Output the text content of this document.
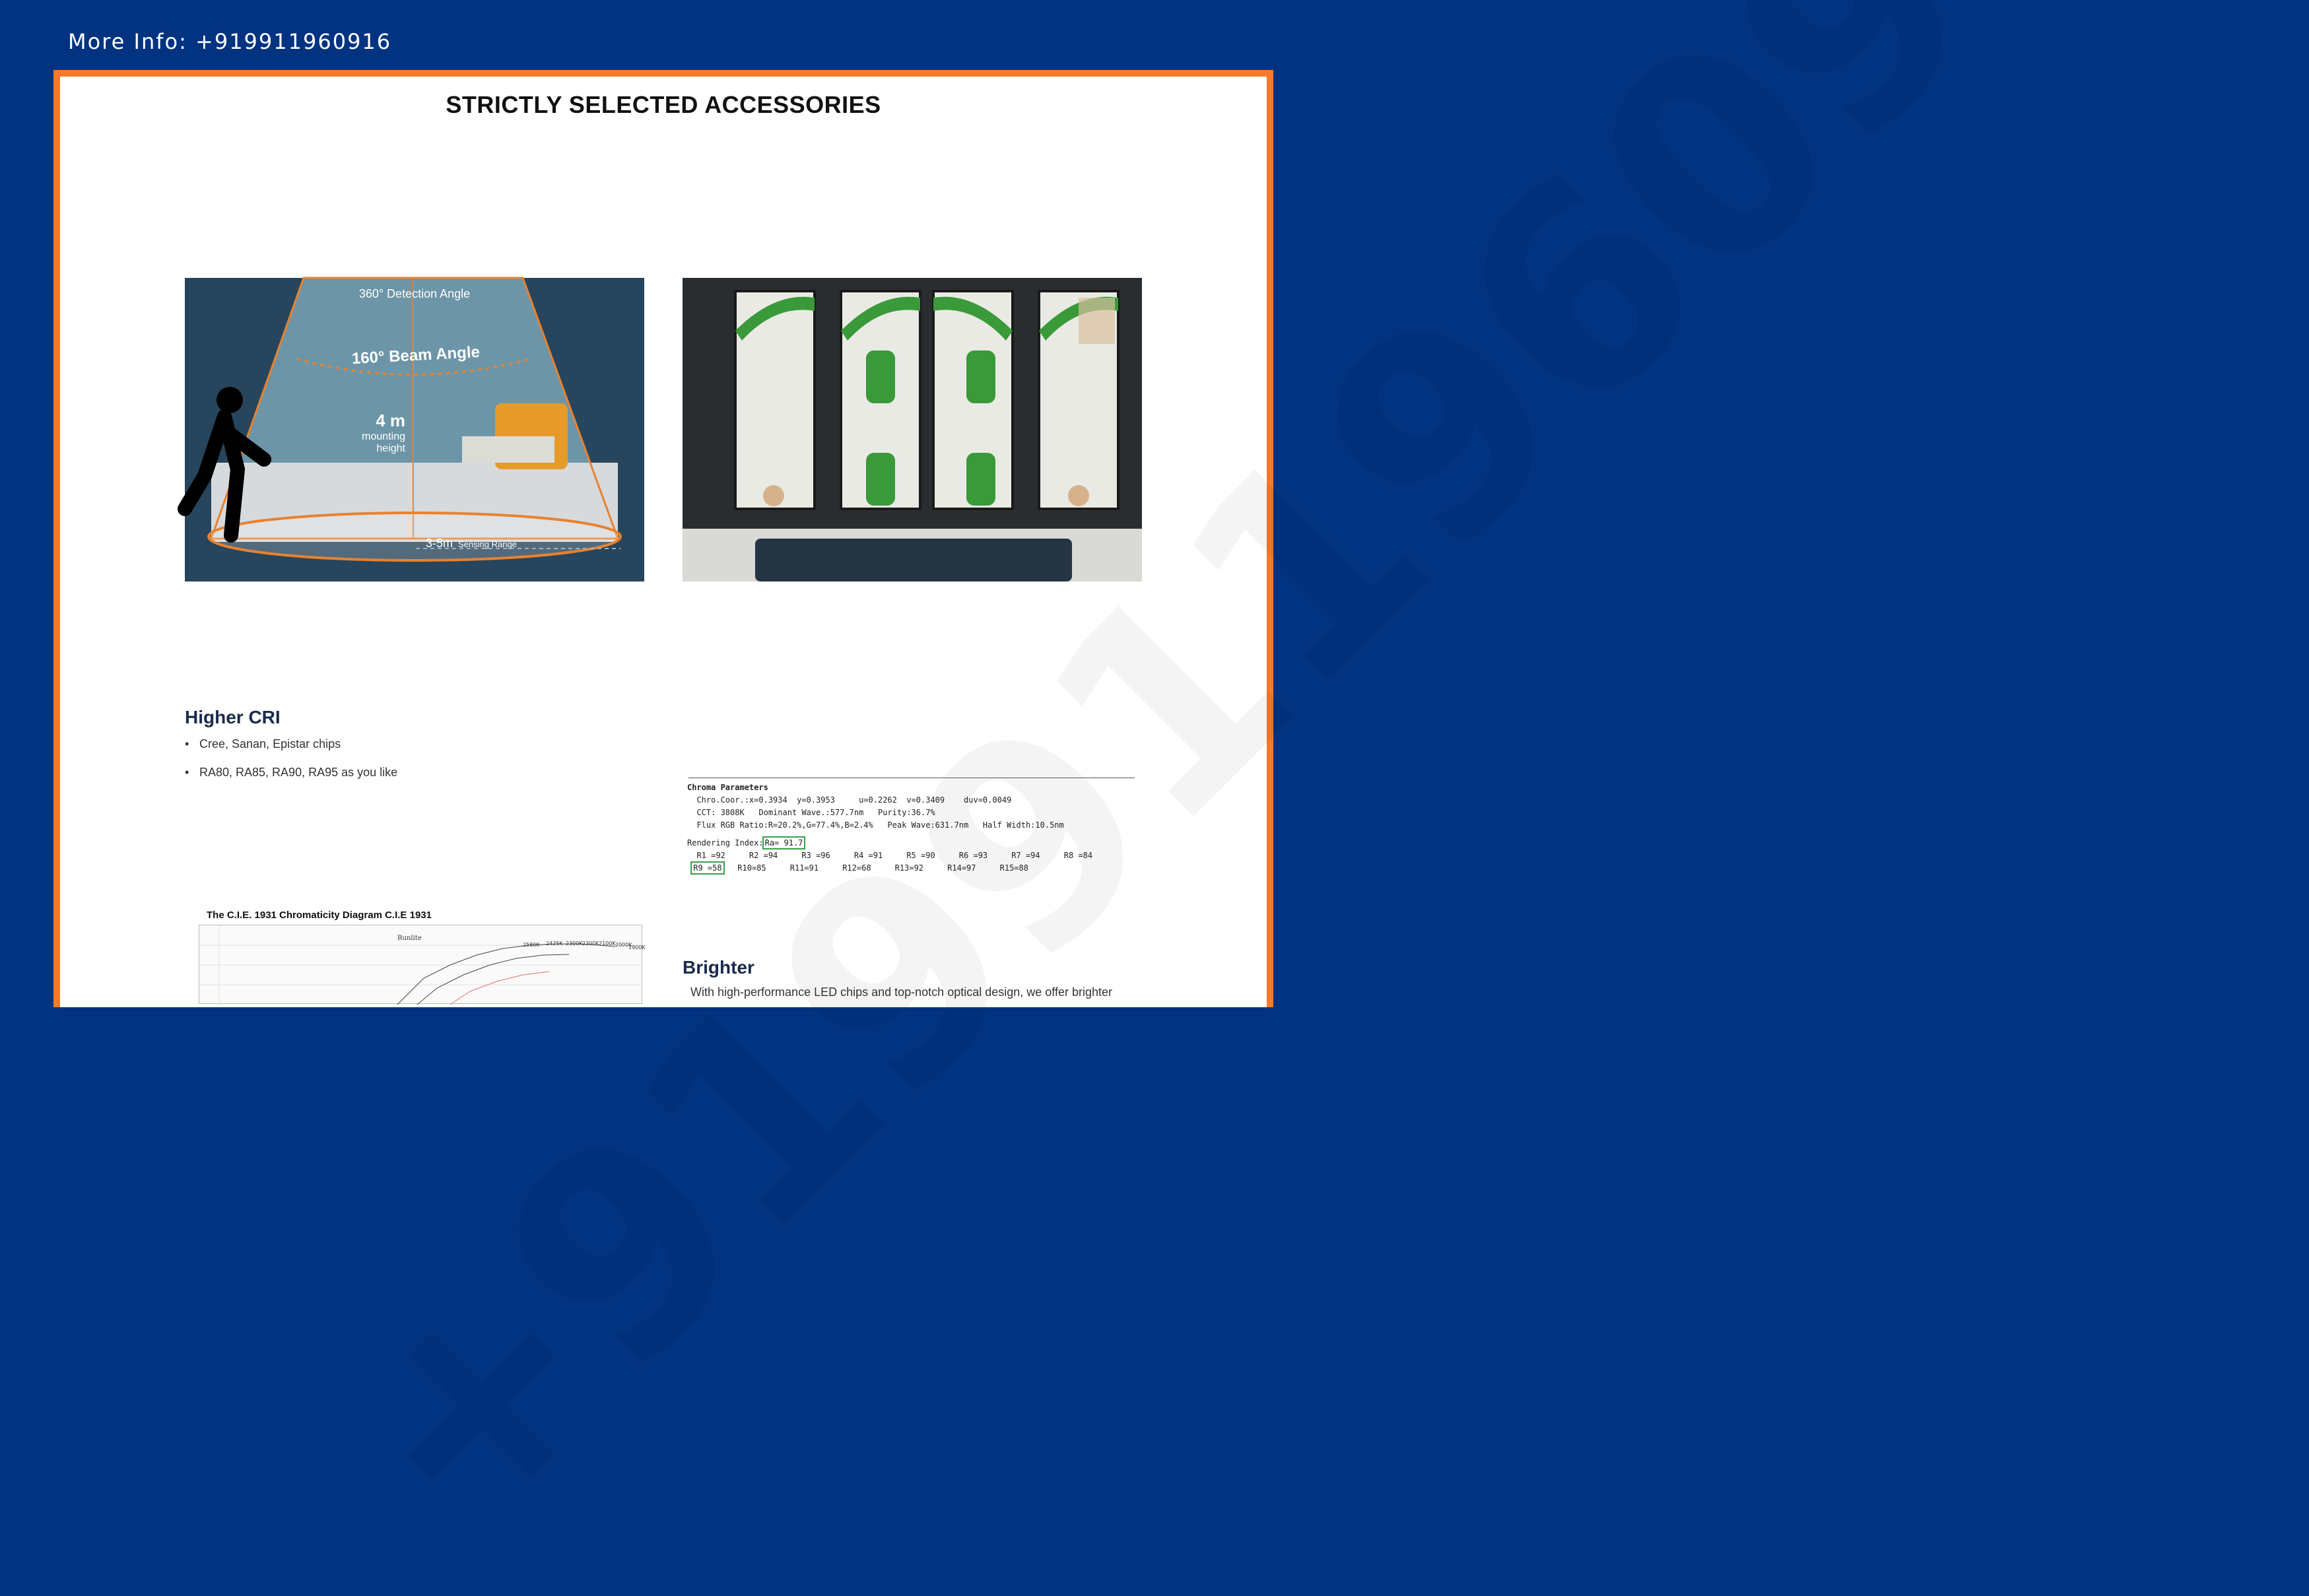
More Info: +919911960916
STRICTLY SELECTED ACCESSORIES
360° Detection Angle
160° Beam Angle
4 m
mounting
height
3-5m Sensing Range
Higher CRI
• Cree, Sanan, Epistar chips
• RA80, RA85, RA90, RA95 as you like
Chroma Parameters
Chro.Coor.:x=0.3934  y=0.3953     u=0.2262  v=0.3409    duv=0.0049
CCT: 3808K   Dominant Wave.:577.7nm   Purity:36.7%
Flux RGB Ratio:R=20.2%,G=77.4%,B=2.4%   Peak Wave:631.7nm   Half Width:10.5nm
Rendering Index: Ra= 91.7
R1 =92     R2 =94     R3 =96     R4 =91     R5 =90     R6 =93     R7 =94     R8 =84
R9 =58   R10=85     R11=91     R12=68     R13=92     R14=97     R15=88
The C.I.E. 1931 Chromaticity Diagram C.I.E 1931
Runlite
2580K 2425K 2300K 2300K 2100K 2000K
1900K
Brighter
With high-performance LED chips and top-notch optical design, we offer brighter
